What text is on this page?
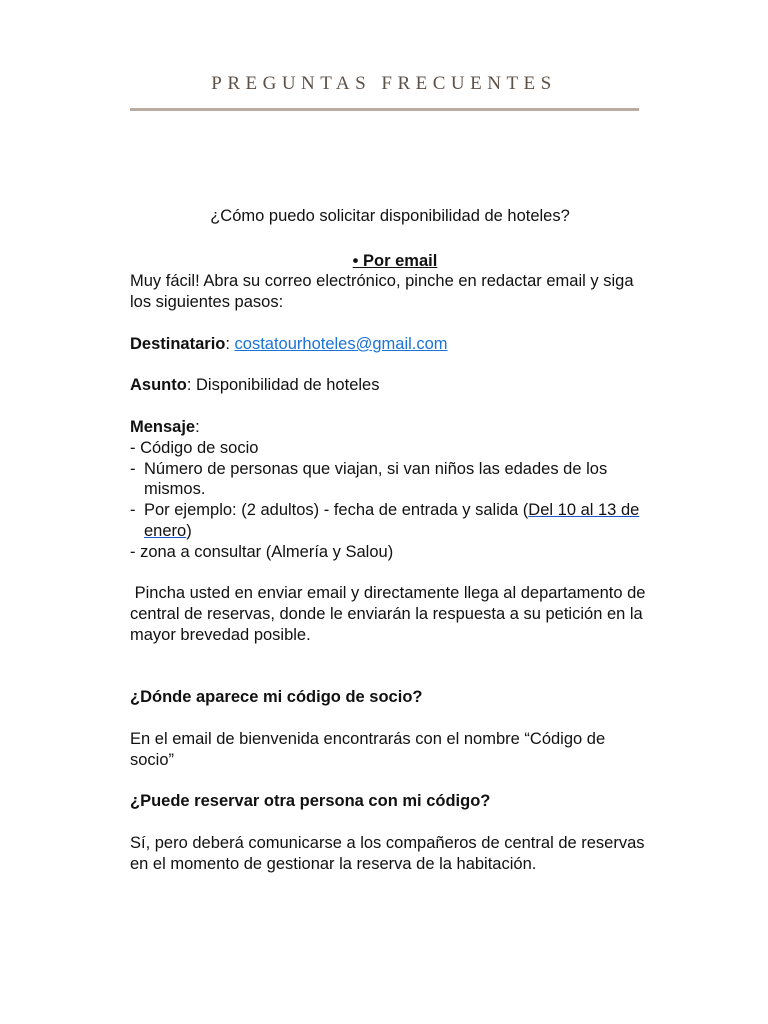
PREGUNTAS FRECUENTES

¿Cómo puedo solicitar disponibilidad de hoteles?

• Por email

Muy fácil! Abra su correo electrónico, pinche en redactar email y siga los siguientes pasos:

Destinatario: costatourhoteles@gmail.com

Asunto: Disponibilidad de hoteles

Mensaje:

- Código de socio

- Número de personas que viajan, si van niños las edades de los mismos.
- Por ejemplo: (2 adultos) - fecha de entrada y salida (Del 10 al 13 de enero)

- zona a consultar (Almería y Salou)

Pincha usted en enviar email y directamente llega al departamento de central de reservas, donde le enviarán la respuesta a su petición en la mayor brevedad posible.

¿Dónde aparece mi código de socio?

En el email de bienvenida encontrarás con el nombre “Código de socio”

¿Puede reservar otra persona con mi código?

Sí, pero deberá comunicarse a los compañeros de central de reservas en el momento de gestionar la reserva de la habitación.
